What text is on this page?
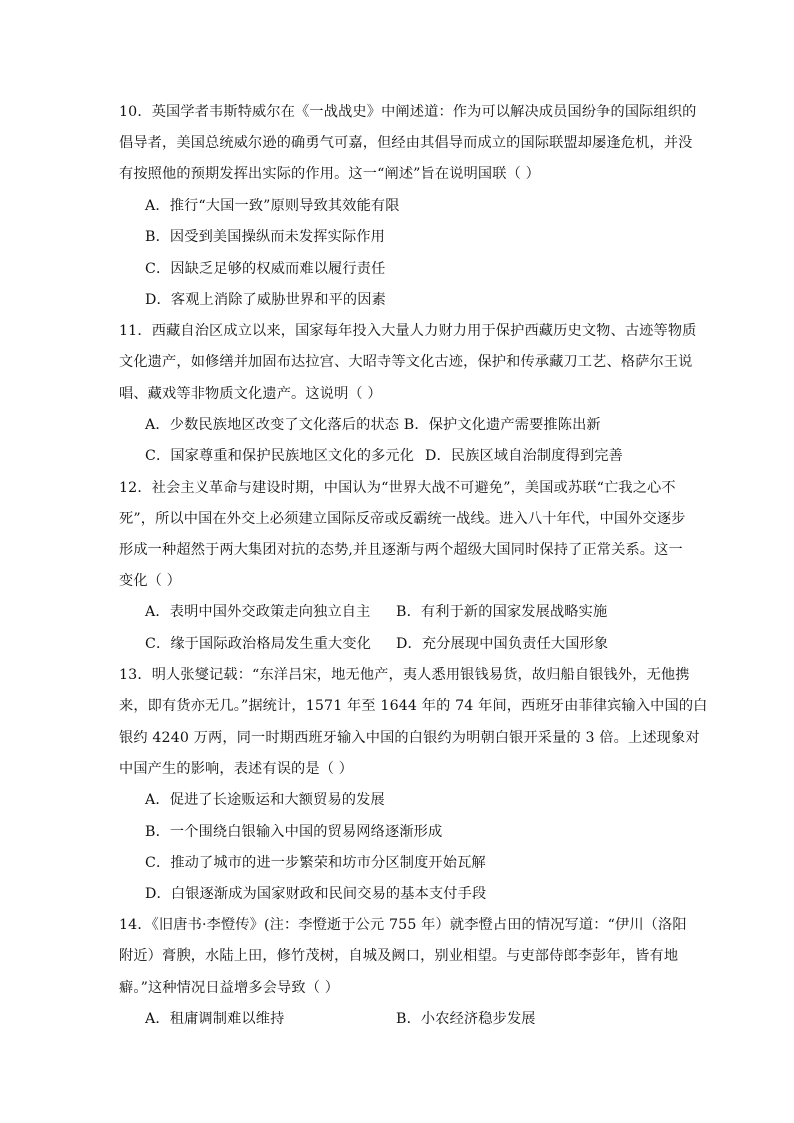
10．英国学者韦斯特威尔在《一战战史》中阐述道：作为可以解决成员国纷争的国际组织的
倡导者，美国总统威尔逊的确勇气可嘉，但经由其倡导而成立的国际联盟却屡逢危机，并没
有按照他的预期发挥出实际的作用。这一“阐述”旨在说明国联（ ）
A．推行“大国一致”原则导致其效能有限
B．因受到美国操纵而未发挥实际作用
C．因缺乏足够的权威而难以履行责任
D．客观上消除了威胁世界和平的因素
11．西藏自治区成立以来，国家每年投入大量人力财力用于保护西藏历史文物、古迹等物质
文化遗产，如修缮并加固布达拉宫、大昭寺等文化古迹，保护和传承藏刀工艺、格萨尔王说
唱、藏戏等非物质文化遗产。这说明（ ）
A．少数民族地区改变了文化落后的状态 B．保护文化遗产需要推陈出新
C．国家尊重和保护民族地区文化的多元化 D．民族区域自治制度得到完善
12．社会主义革命与建设时期，中国认为“世界大战不可避免”，美国或苏联“亡我之心不
死”，所以中国在外交上必须建立国际反帝或反霸统一战线。进入八十年代，中国外交逐步
形成一种超然于两大集团对抗的态势,并且逐渐与两个超级大国同时保持了正常关系。这一
变化（ ）
A．表明中国外交政策走向独立自主	B．有利于新的国家发展战略实施
C．缘于国际政治格局发生重大变化	D．充分展现中国负责任大国形象
13．明人张燮记载：“东洋吕宋，地无他产，夷人悉用银钱易货，故归船自银钱外，无他携
来，即有货亦无几。”据统计，1571 年至 1644 年的 74 年间，西班牙由菲律宾输入中国的白
银约 4240 万两，同一时期西班牙输入中国的白银约为明朝白银开采量的 3 倍。上述现象对
中国产生的影响，表述有误的是（ ）
A．促进了长途贩运和大额贸易的发展
B．一个围绕白银输入中国的贸易网络逐渐形成
C．推动了城市的进一步繁荣和坊市分区制度开始瓦解
D．白银逐渐成为国家财政和民间交易的基本支付手段
14．《旧唐书·李憕传》(注：李憕逝于公元 755 年）就李憕占田的情况写道：“伊川（洛阳
附近）膏腴，水陆上田，修竹茂树，自城及阙口，别业相望。与吏部侍郎李彭年，皆有地
癖。”这种情况日益增多会导致（ ）
A．租庸调制难以维持	B．小农经济稳步发展
